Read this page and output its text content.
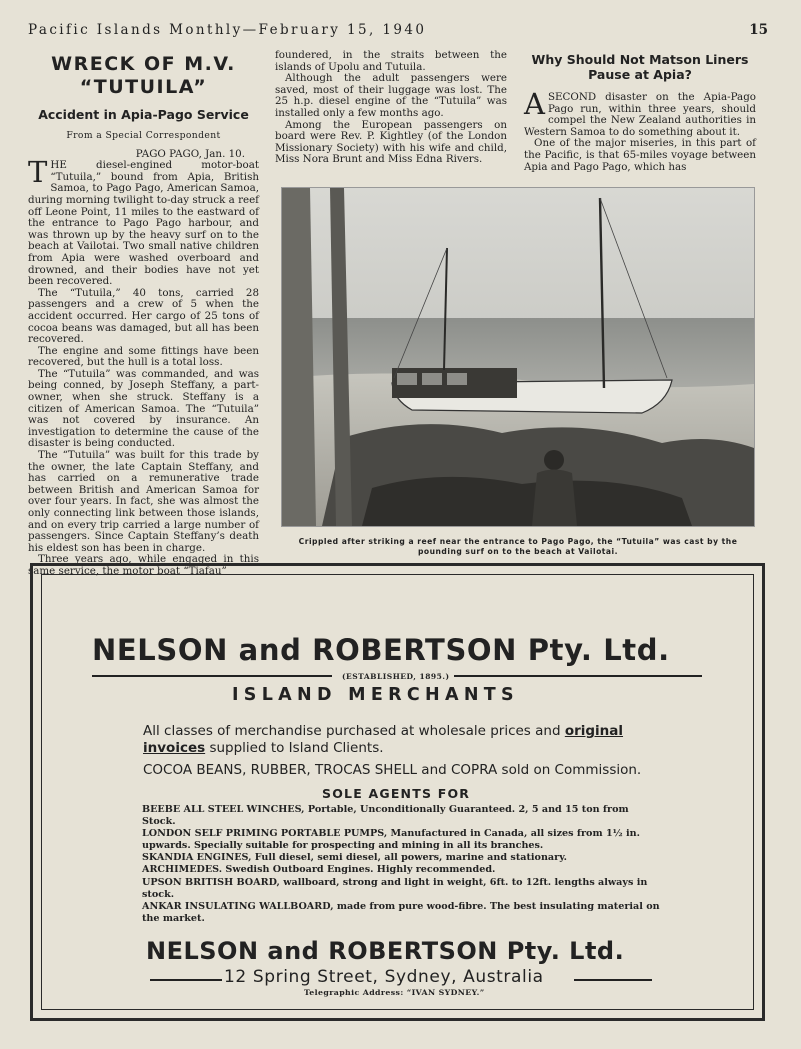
Pacific Islands Monthly—February 15, 1940	15
WRECK OF M.V.
“TUTUILA”
Accident in Apia-Pago Service
From a Special Correspondent
PAGO PAGO, Jan. 10.

THE diesel-engined motor-boat “Tutuila,” bound from Apia, British Samoa, to Pago Pago, American Samoa, during morning twilight to-day struck a reef off Leone Point, 11 miles to the eastward of the entrance to Pago Pago harbour, and was thrown up by the heavy surf on to the beach at Vailotai. Two small native children from Apia were washed overboard and drowned, and their bodies have not yet been recovered.

The “Tutuila,” 40 tons, carried 28 passengers and a crew of 5 when the accident occurred. Her cargo of 25 tons of cocoa beans was damaged, but all has been recovered.

The engine and some fittings have been recovered, but the hull is a total loss.

The “Tutuila” was commanded, and was being conned, by Joseph Steffany, a part-owner, when she struck. Steffany is a citizen of American Samoa. The “Tutuila” was not covered by insurance. An investigation to determine the cause of the disaster is being conducted.

The “Tutuila” was built for this trade by the owner, the late Captain Steffany, and has carried on a remunerative trade between British and American Samoa for over four years. In fact, she was almost the only connecting link between those islands, and on every trip carried a large number of passengers. Since Captain Steffany’s death his eldest son has been in charge.

Three years ago, while engaged in this same service, the motor boat “Tiafau”

foundered, in the straits between the islands of Upolu and Tutuila.

Although the adult passengers were saved, most of their luggage was lost. The 25 h.p. diesel engine of the “Tutuila” was installed only a few months ago.

Among the European passengers on board were Rev. P. Kightley (of the London Missionary Society) with his wife and child, Miss Nora Brunt and Miss Edna Rivers.

Why Should Not Matson Liners Pause at Apia?

ASECOND disaster on the Apia-Pago Pago run, within three years, should compel the New Zealand authorities in Western Samoa to do something about it.

One of the major miseries, in this part of the Pacific, is that 65-miles voyage between Apia and Pago Pago, which has

Crippled after striking a reef near the entrance to Pago Pago, the “Tutuila” was cast by the pounding surf on to the beach at Vailotai.
NELSON and ROBERTSON Pty. Ltd.
(ESTABLISHED, 1895.)
ISLAND MERCHANTS
All classes of merchandise purchased at wholesale prices and original invoices supplied to Island Clients.
COCOA BEANS, RUBBER, TROCAS SHELL and COPRA sold on Commission.
SOLE AGENTS FOR

BEEBE ALL STEEL WINCHES, Portable, Unconditionally Guaranteed. 2, 5 and 15 ton from Stock.

LONDON SELF PRIMING PORTABLE PUMPS, Manufactured in Canada, all sizes from 1½ in. upwards. Specially suitable for prospecting and mining in all its branches.

SKANDIA ENGINES, Full diesel, semi diesel, all powers, marine and stationary.

ARCHIMEDES. Swedish Outboard Engines. Highly recommended.

UPSON BRITISH BOARD, wallboard, strong and light in weight, 6ft. to 12ft. lengths always in stock.

ANKAR INSULATING WALLBOARD, made from pure wood-fibre. The best insulating material on the market.

NELSON and ROBERTSON Pty. Ltd.
12 Spring Street, Sydney, Australia
Telegraphic Address: “IVAN SYDNEY.”
